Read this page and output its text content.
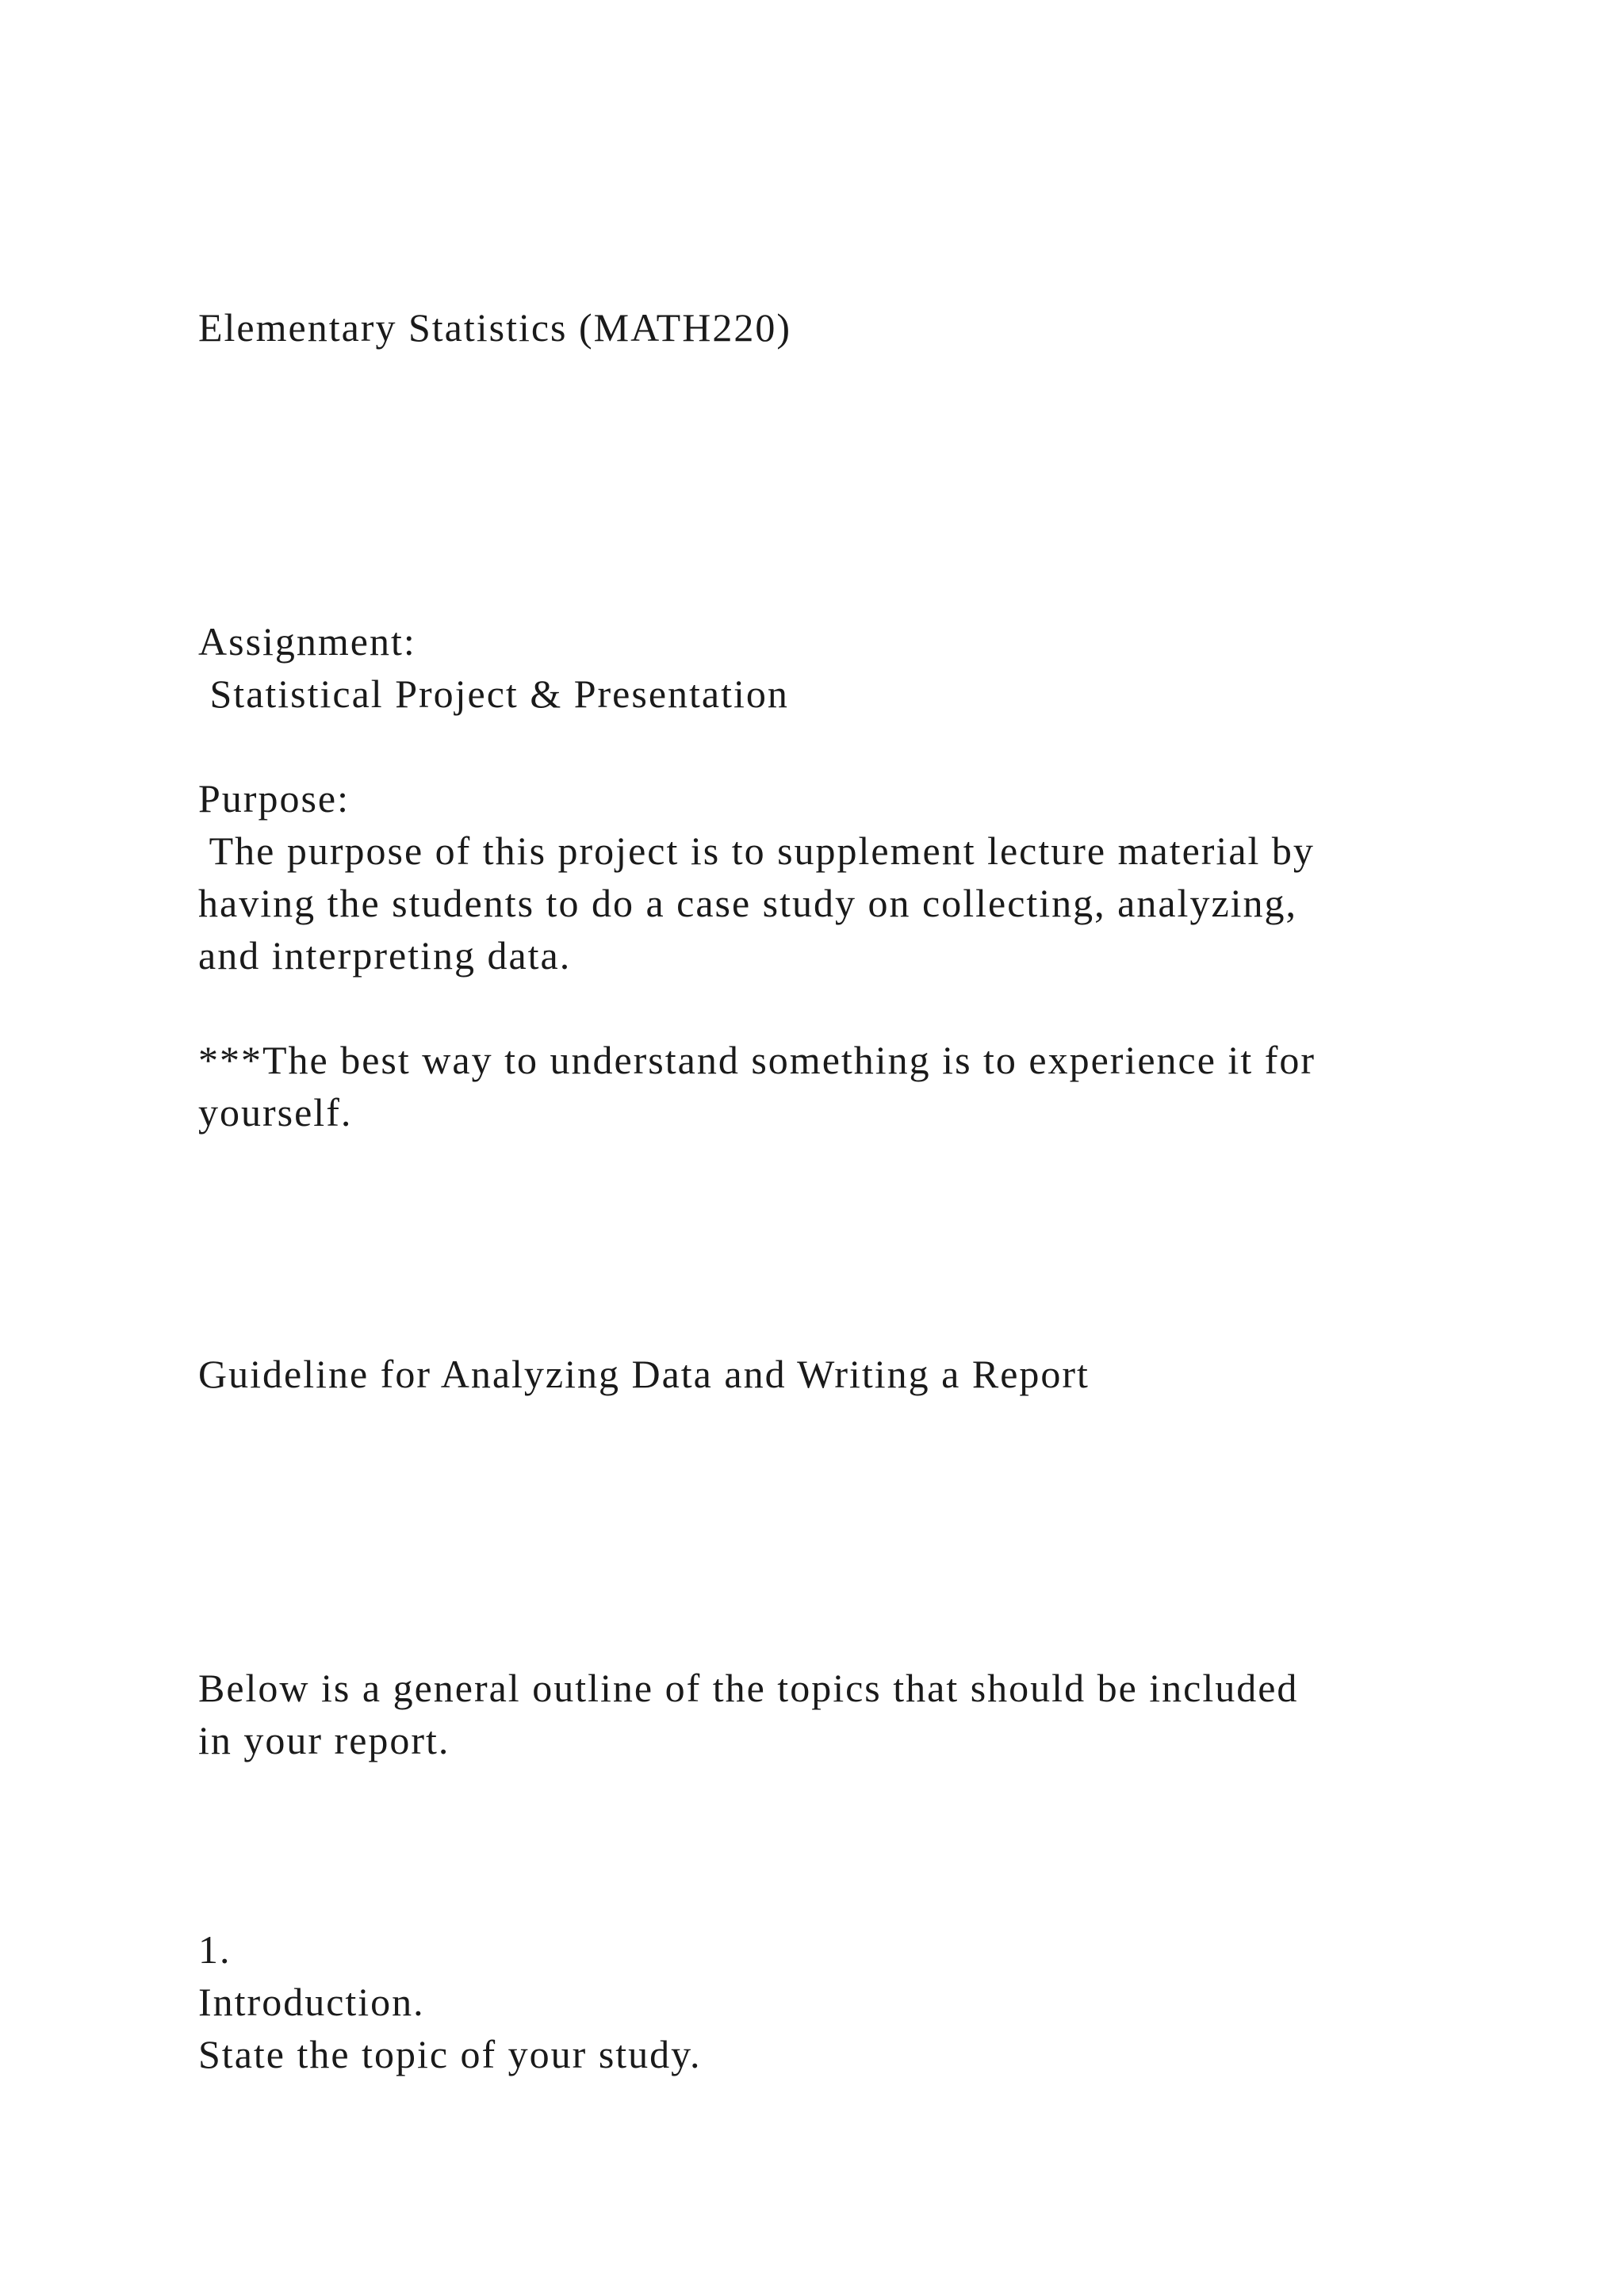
Elementary Statistics (MATH220)
Assignment:
Statistical Project & Presentation
Purpose:
The purpose of this project is to supplement lecture material by
having the students to do a case study on collecting, analyzing,
and interpreting data.
***The best way to understand something is to experience it for
yourself.
Guideline for Analyzing Data and Writing a Report
Below is a general outline of the topics that should be included
in your report.
1.
Introduction.
State the topic of your study.
